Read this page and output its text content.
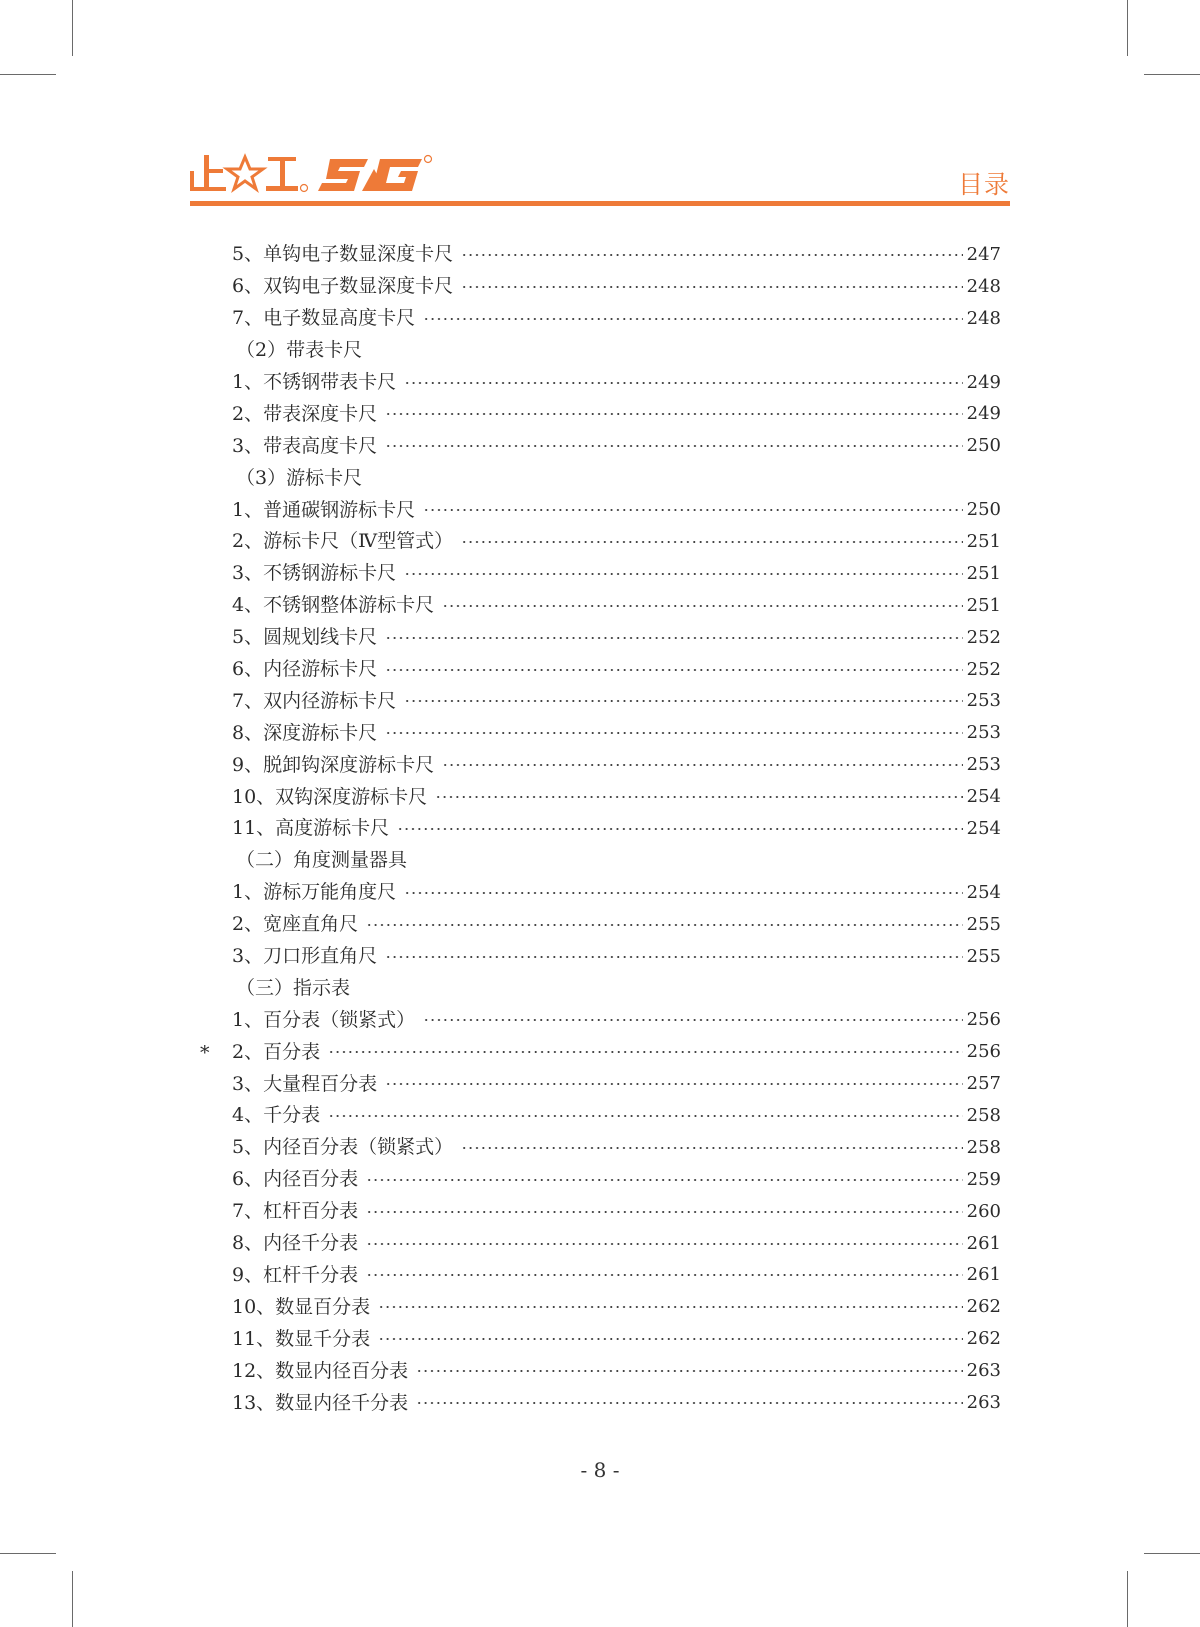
目录
5、单钩电子数显深度卡尺	247
6、双钩电子数显深度卡尺	248
7、电子数显高度卡尺	248
（2）带表卡尺
1、不锈钢带表卡尺	249
2、带表深度卡尺	249
3、带表高度卡尺	250
（3）游标卡尺
1、普通碳钢游标卡尺	250
2、游标卡尺（Ⅳ型管式）	251
3、不锈钢游标卡尺	251
4、不锈钢整体游标卡尺	251
5、圆规划线卡尺	252
6、内径游标卡尺	252
7、双内径游标卡尺	253
8、深度游标卡尺	253
9、脱卸钩深度游标卡尺	253
10、双钩深度游标卡尺	254
11、高度游标卡尺	254
（二）角度测量器具
1、游标万能角度尺	254
2、宽座直角尺	255
3、刀口形直角尺	255
（三）指示表
1、百分表（锁紧式）	256
*	2、百分表	256
3、大量程百分表	257
4、千分表	258
5、内径百分表（锁紧式）	258
6、内径百分表	259
7、杠杆百分表	260
8、内径千分表	261
9、杠杆千分表	261
10、数显百分表	262
11、数显千分表	262
12、数显内径百分表	263
13、数显内径千分表	263
- 8 -
